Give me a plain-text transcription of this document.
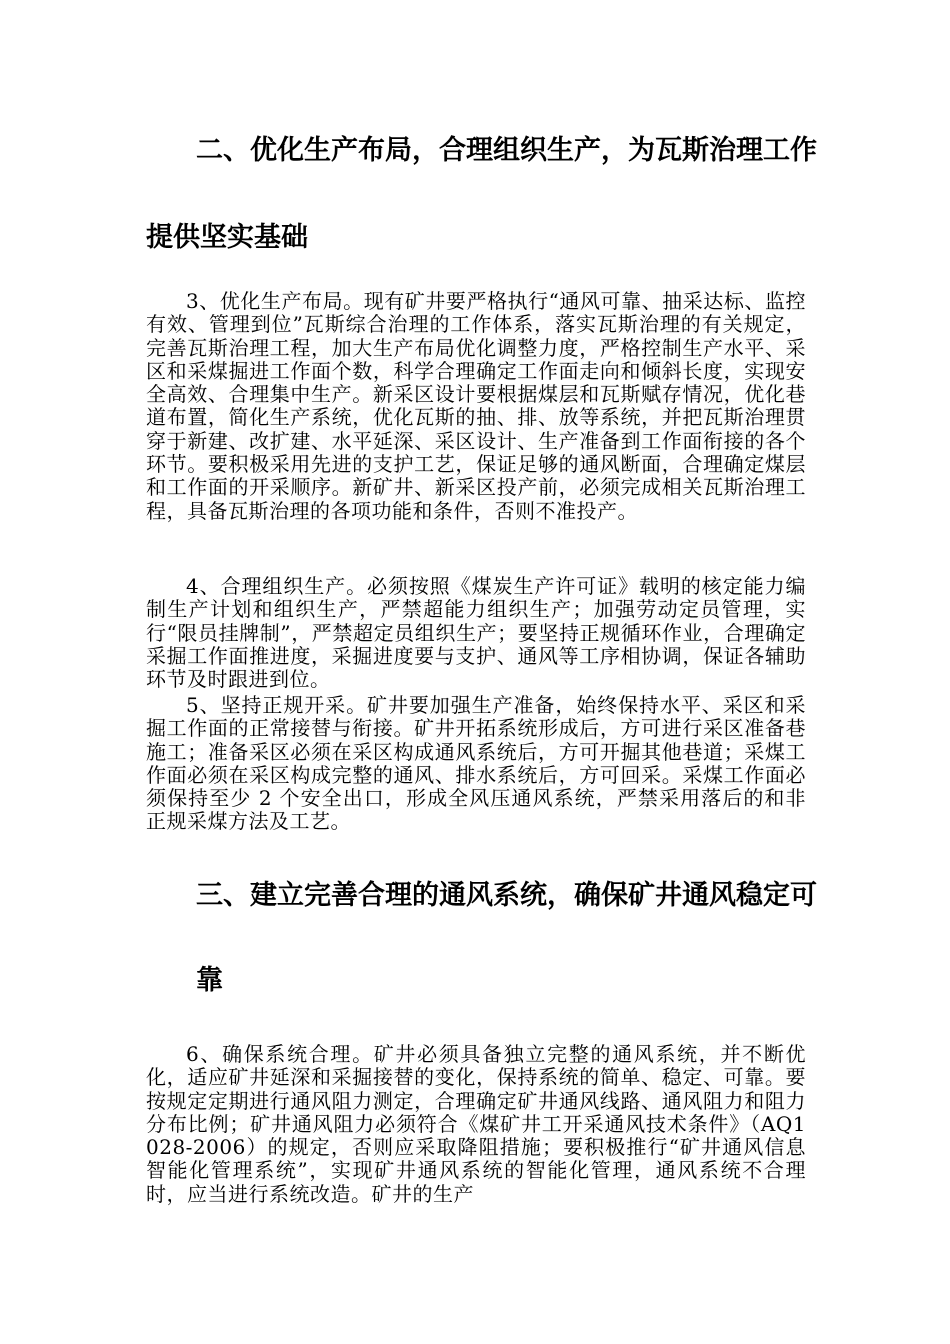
二、优化生产布局，合理组织生产，为瓦斯治理工作
提供坚实基础

3、优化生产布局。现有矿井要严格执行“通风可靠、抽采达标、监控有效、管理到位”瓦斯综合治理的工作体系，落实瓦斯治理的有关规定，完善瓦斯治理工程，加大生产布局优化调整力度，严格控制生产水平、采区和采煤掘进工作面个数，科学合理确定工作面走向和倾斜长度，实现安全高效、合理集中生产。新采区设计要根据煤层和瓦斯赋存情况，优化巷道布置，简化生产系统，优化瓦斯的抽、排、放等系统，并把瓦斯治理贯穿于新建、改扩建、水平延深、采区设计、生产准备到工作面衔接的各个环节。要积极采用先进的支护工艺，保证足够的通风断面，合理确定煤层和工作面的开采顺序。新矿井、新采区投产前，必须完成相关瓦斯治理工程，具备瓦斯治理的各项功能和条件，否则不准投产。

4、合理组织生产。必须按照《煤炭生产许可证》载明的核定能力编制生产计划和组织生产，严禁超能力组织生产；加强劳动定员管理，实行“限员挂牌制”，严禁超定员组织生产；要坚持正规循环作业，合理确定采掘工作面推进度，采掘进度要与支护、通风等工序相协调，保证各辅助环节及时跟进到位。

5、坚持正规开采。矿井要加强生产准备，始终保持水平、采区和采掘工作面的正常接替与衔接。矿井开拓系统形成后，方可进行采区准备巷施工；准备采区必须在采区构成通风系统后，方可开掘其他巷道；采煤工作面必须在采区构成完整的通风、排水系统后，方可回采。采煤工作面必须保持至少 2 个安全出口，形成全风压通风系统，严禁采用落后的和非正规采煤方法及工艺。

三、建立完善合理的通风系统，确保矿井通风稳定可
靠

6、确保系统合理。矿井必须具备独立完整的通风系统，并不断优化，适应矿井延深和采掘接替的变化，保持系统的简单、稳定、可靠。要按规定定期进行通风阻力测定，合理确定矿井通风线路、通风阻力和阻力分布比例；矿井通风阻力必须符合《煤矿井工开采通风技术条件》（AQ1028-2006）的规定，否则应采取降阻措施；要积极推行“矿井通风信息智能化管理系统”，实现矿井通风系统的智能化管理，通风系统不合理时，应当进行系统改造。矿井的生产
